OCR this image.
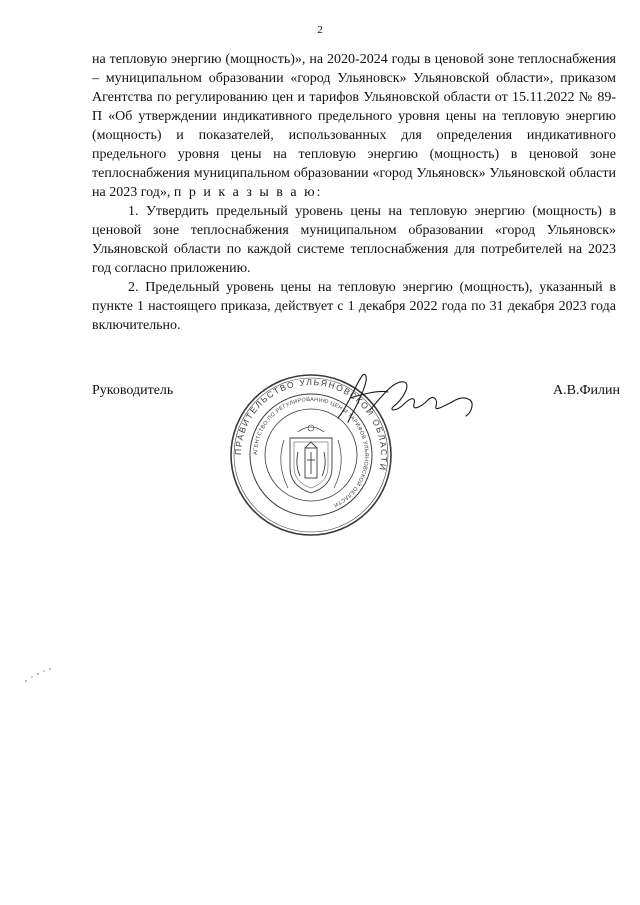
2

на тепловую энергию (мощность)», на 2020-2024 годы в ценовой зоне теплоснабжения – муниципальном образовании «город Ульяновск» Ульяновской области», приказом Агентства по регулированию цен и тарифов Ульяновской области от 15.11.2022 № 89-П «Об утверждении индикативного предельного уровня цены на тепловую энергию (мощность) и показателей, использованных для определения индикативного предельного уровня цены на тепловую энергию (мощность) в ценовой зоне теплоснабжения муниципальном образовании «город Ульяновск» Ульяновской области на 2023 год», п р и к а з ы в а ю:

1. Утвердить предельный уровень цены на тепловую энергию (мощность) в ценовой зоне теплоснабжения муниципальном образовании «город Ульяновск» Ульяновской области по каждой системе теплоснабжения для потребителей на 2023 год согласно приложению.

2. Предельный уровень цены на тепловую энергию (мощность), указанный в пункте 1 настоящего приказа, действует с 1 декабря 2022 года по 31 декабря 2023 года включительно.

Руководитель	А.В.Филин
ПРАВИТЕЛЬСТВО УЛЬЯНОВСКОЙ ОБЛАСТИ
АГЕНТСТВО ПО РЕГУЛИРОВАНИЮ ЦЕН И ТАРИФОВ УЛЬЯНОВСКОЙ ОБЛАСТИ
